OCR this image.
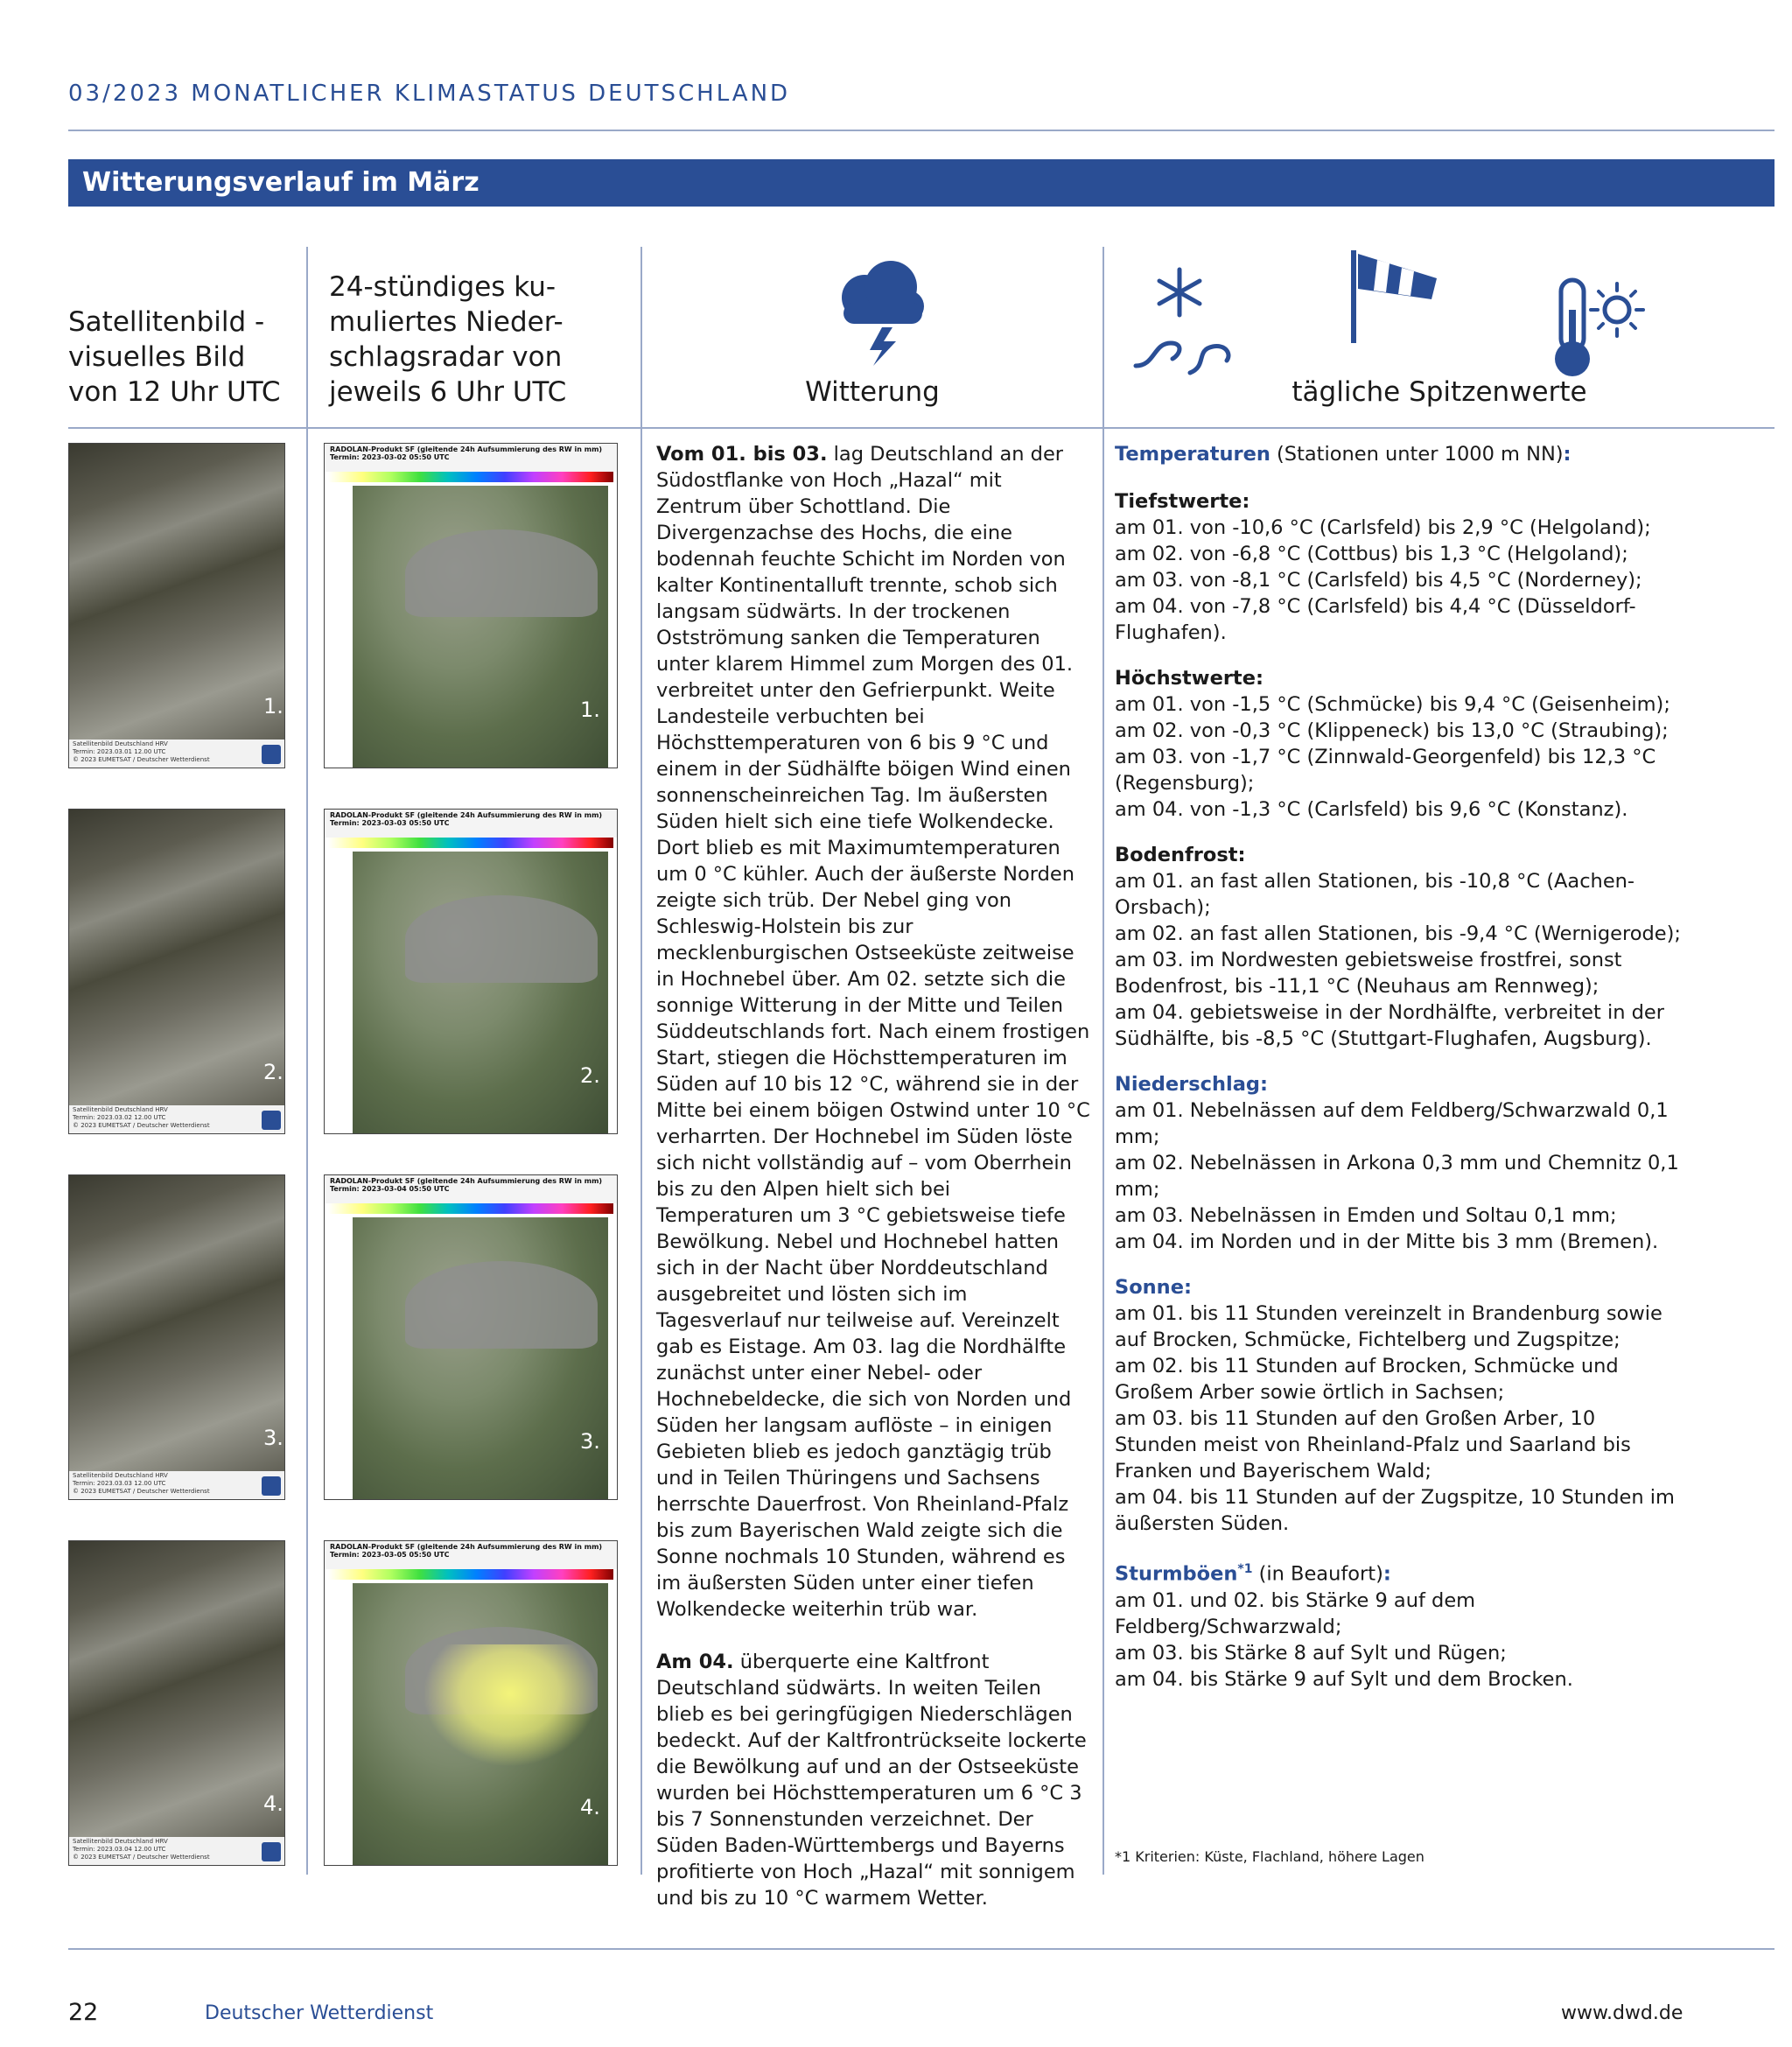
03/2023 MONATLICHER KLIMASTATUS DEUTSCHLAND
Witterungsverlauf im März
Satellitenbild -
visuelles Bild
von 12 Uhr UTC
24-stündiges ku-
muliertes Nieder-
schlagsradar von
jeweils 6 Uhr UTC	Witterung	tägliche Spitzenwerte
1.
Satellitenbild Deutschland HRV
Termin: 2023.03.01 12.00 UTC
© 2023 EUMETSAT / Deutscher Wetterdienst
2.
Satellitenbild Deutschland HRV
Termin: 2023.03.02 12.00 UTC
© 2023 EUMETSAT / Deutscher Wetterdienst
3.
Satellitenbild Deutschland HRV
Termin: 2023.03.03 12.00 UTC
© 2023 EUMETSAT / Deutscher Wetterdienst
4.
Satellitenbild Deutschland HRV
Termin: 2023.03.04 12.00 UTC
© 2023 EUMETSAT / Deutscher Wetterdienst
RADOLAN-Produkt SF (gleitende 24h Aufsummierung des RW in mm)
Termin: 2023-03-02 05:50 UTC
1.
RADOLAN-Produkt SF (gleitende 24h Aufsummierung des RW in mm)
Termin: 2023-03-03 05:50 UTC
2.
RADOLAN-Produkt SF (gleitende 24h Aufsummierung des RW in mm)
Termin: 2023-03-04 05:50 UTC
3.
RADOLAN-Produkt SF (gleitende 24h Aufsummierung des RW in mm)
Termin: 2023-03-05 05:50 UTC
4.

Vom 01. bis 03. lag Deutschland an der Südostflanke von Hoch „Hazal“ mit Zentrum über Schottland. Die Divergenzachse des Hochs, die eine bodennah feuchte Schicht im Norden von kalter Kontinentalluft trennte, schob sich langsam südwärts. In der trockenen Ostströmung sanken die Temperaturen unter klarem Himmel zum Morgen des 01. verbreitet unter den Gefrierpunkt. Weite Landesteile verbuchten bei Höchsttemperaturen von 6 bis 9 °C und einem in der Südhälfte böigen Wind einen sonnenscheinreichen Tag. Im äußersten Süden hielt sich eine tiefe Wolkendecke. Dort blieb es mit Maximumtemperaturen um 0 °C kühler. Auch der äußerste Norden zeigte sich trüb. Der Nebel ging von Schleswig-Holstein bis zur mecklenburgischen Ostseeküste zeitweise in Hochnebel über. Am 02. setzte sich die sonnige Witterung in der Mitte und Teilen Süddeutschlands fort. Nach einem frostigen Start, stiegen die Höchsttemperaturen im Süden auf 10 bis 12 °C, während sie in der Mitte bei einem böigen Ostwind unter 10 °C verharrten. Der Hochnebel im Süden löste sich nicht vollständig auf – vom Oberrhein bis zu den Alpen hielt sich bei Temperaturen um 3 °C gebietsweise tiefe Bewölkung. Nebel und Hochnebel hatten sich in der Nacht über Norddeutschland ausgebreitet und lösten sich im Tagesverlauf nur teilweise auf. Vereinzelt gab es Eistage. Am 03. lag die Nordhälfte zunächst unter einer Nebel- oder Hochnebeldecke, die sich von Norden und Süden her langsam auflöste – in einigen Gebieten blieb es jedoch ganztägig trüb und in Teilen Thüringens und Sachsens herrschte Dauerfrost. Von Rheinland-Pfalz bis zum Bayerischen Wald zeigte sich die Sonne nochmals 10 Stunden, während es im äußersten Süden unter einer tiefen Wolkendecke weiterhin trüb war.

Am 04. überquerte eine Kaltfront Deutschland südwärts. In weiten Teilen blieb es bei geringfügigen Niederschlägen bedeckt. Auf der Kaltfrontrückseite lockerte die Bewölkung auf und an der Ostseeküste wurden bei Höchsttemperaturen um 6 °C 3 bis 7 Sonnenstunden verzeichnet. Der Süden Baden-Württembergs und Bayerns profitierte von Hoch „Hazal“ mit sonnigem und bis zu 10 °C warmem Wetter.

Temperaturen (Stationen unter 1000 m NN):

Tiefstwerte:

am 01. von -10,6 °C (Carlsfeld) bis 2,9 °C (Helgoland);

am 02. von -6,8 °C (Cottbus) bis 1,3 °C (Helgoland);

am 03. von -8,1 °C (Carlsfeld) bis 4,5 °C (Norderney);

am 04. von -7,8 °C (Carlsfeld) bis 4,4 °C (Düsseldorf-Flughafen).

Höchstwerte:

am 01. von -1,5 °C (Schmücke) bis 9,4 °C (Geisenheim);

am 02. von -0,3 °C (Klippeneck) bis 13,0 °C (Straubing);

am 03. von -1,7 °C (Zinnwald-Georgenfeld) bis 12,3 °C (Regensburg);

am 04. von -1,3 °C (Carlsfeld) bis 9,6 °C (Konstanz).

Bodenfrost:

am 01. an fast allen Stationen, bis -10,8 °C (Aachen-Orsbach);

am 02. an fast allen Stationen, bis -9,4 °C (Wernigerode);

am 03. im Nordwesten gebietsweise frostfrei, sonst Bodenfrost, bis -11,1 °C (Neuhaus am Rennweg);

am 04. gebietsweise in der Nordhälfte, verbreitet in der Südhälfte, bis -8,5 °C (Stuttgart-Flughafen, Augsburg).

Niederschlag:

am 01. Nebelnässen auf dem Feldberg/Schwarzwald 0,1 mm;

am 02. Nebelnässen in Arkona 0,3 mm und Chemnitz 0,1 mm;

am 03. Nebelnässen in Emden und Soltau 0,1 mm;

am 04. im Norden und in der Mitte bis 3 mm (Bremen).

Sonne:

am 01. bis 11 Stunden vereinzelt in Brandenburg sowie auf Brocken, Schmücke, Fichtelberg und Zugspitze;

am 02. bis 11 Stunden auf Brocken, Schmücke und Großem Arber sowie örtlich in Sachsen;

am 03. bis 11 Stunden auf den Großen Arber, 10 Stunden meist von Rheinland-Pfalz und Saarland bis Franken und Bayerischem Wald;

am 04. bis 11 Stunden auf der Zugspitze, 10 Stunden im äußersten Süden.

Sturmböen$^{*1}$ (in Beaufort):

am 01. und 02. bis Stärke 9 auf dem Feldberg/Schwarzwald;

am 03. bis Stärke 8 auf Sylt und Rügen;

am 04. bis Stärke 9 auf Sylt und dem Brocken.

*1 Kriterien: Küste, Flachland, höhere Lagen
22	Deutscher Wetterdienst	www.dwd.de
